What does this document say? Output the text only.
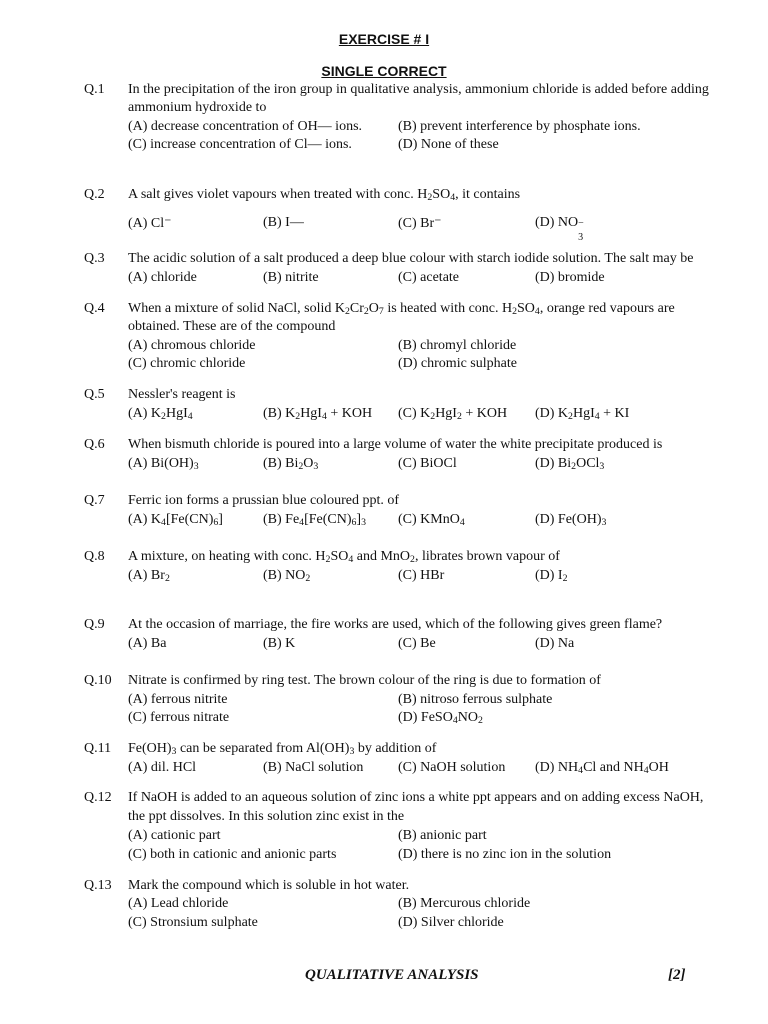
EXERCISE # I
SINGLE CORRECT
Q.1 In the precipitation of the iron group in qualitative analysis, ammonium chloride is added before adding
ammonium hydroxide to
(A) decrease concentration of OH— ions.	(B) prevent interference by phosphate ions.
(C) increase concentration of Cl— ions.	(D) None of these
Q.2 A salt gives violet vapours when treated with conc. $H_2SO_4$, it contains
(A) Cl⁻	(B) I—	(C) Br⁻	(D) NO −
3
Q.3 The acidic solution of a salt produced a deep blue colour with starch iodide solution. The salt may be
(A) chloride	(B) nitrite	(C) acetate	(D) bromide
Q.4 When a mixture of solid NaCl, solid $K_2Cr_2O_7$ is heated with conc. $H_2SO_4$, orange red vapours are
obtained. These are of the compound
(A) chromous chloride	(B) chromyl chloride
(C) chromic chloride	(D) chromic sulphate
Q.5 Nessler's reagent is
(A) $K_2HgI_4$	(B) $K_2HgI_4$ + KOH (C) $K_2HgI_2$ + KOH (D) $K_2HgI_4$ + KI
Q.6 When bismuth chloride is poured into a large volume of water the white precipitate produced is
(A) $Bi(OH)_3$	(B) $Bi_2O_3$	(C) BiOCl	(D) $Bi_2OCl_3$
Q.7 Ferric ion forms a prussian blue coloured ppt. of
(A) $K_4[Fe(CN)_6]$	(B) $Fe_4[Fe(CN)_6]_3$ (C) KMnO$_4$	(D) $Fe(OH)_3$
Q.8 A mixture, on heating with conc. $H_2SO_4$ and MnO$_2$, librates brown vapour of
(A) $Br_2$	(B) $NO_2$	(C) HBr	(D) $I_2$
Q.9 At the occasion of marriage, the fire works are used, which of the following gives green flame?
(A) Ba	(B) K	(C) Be	(D) Na
Q.10 Nitrate is confirmed by ring test. The brown colour of the ring is due to formation of
(A) ferrous nitrite	(B) nitroso ferrous sulphate
(C) ferrous nitrate	(D) $FeSO_4NO_2$
Q.11 $Fe(OH)_3$ can be separated from $Al(OH)_3$ by addition of
(A) dil. HCl	(B) NaCl solution (C) NaOH solution (D) $NH_4Cl$ and $NH_4OH$
Q.12 If NaOH is added to an aqueous solution of zinc ions a white ppt appears and on adding excess NaOH,
the ppt dissolves. In this solution zinc exist in the
(A) cationic part	(B) anionic part
(C) both in cationic and anionic parts	(D) there is no zinc ion in the solution
Q.13 Mark the compound which is soluble in hot water.
(A) Lead chloride	(B) Mercurous chloride
(C) Stronsium sulphate	(D) Silver chloride
QUALITATIVE ANALYSIS	[2]
